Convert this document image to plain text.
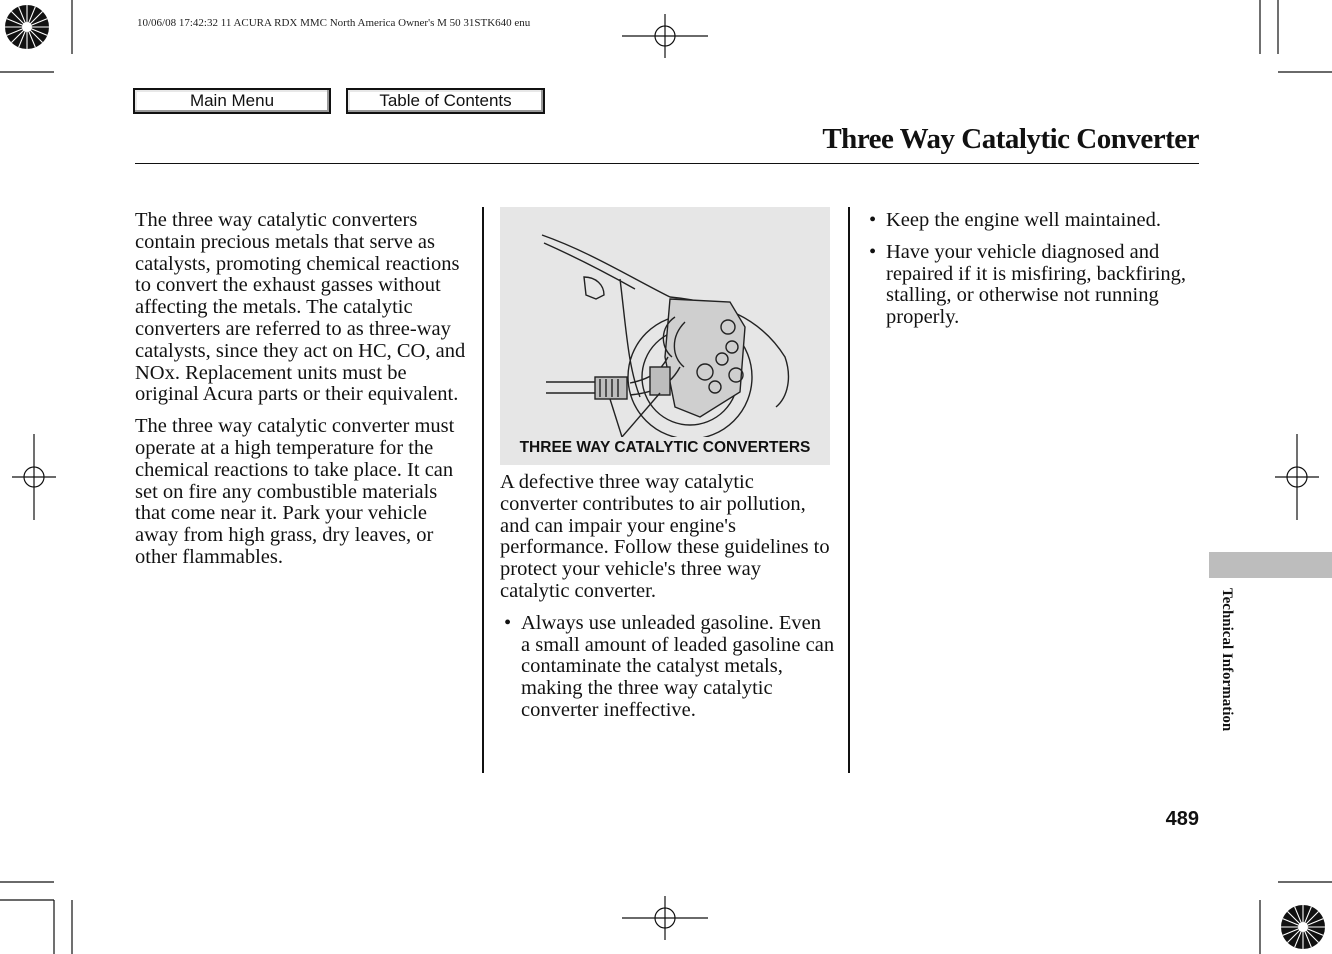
10/06/08 17:42:32 11 ACURA RDX MMC North America Owner's M 50 31STK640 enu
Main Menu	Table of Contents
Three Way Catalytic Converter

The three way catalytic converters contain precious metals that serve as catalysts, promoting chemical reactions to convert the exhaust gasses without affecting the metals. The catalytic converters are referred to as three-way catalysts, since they act on HC, CO, and NOx. Replacement units must be original Acura parts or their equivalent.

The three way catalytic converter must operate at a high temperature for the chemical reactions to take place. It can set on fire any combustible materials that come near it. Park your vehicle away from high grass, dry leaves, or other flammables.

THREE WAY CATALYTIC CONVERTERS

A defective three way catalytic converter contributes to air pollution, and can impair your engine's performance. Follow these guidelines to protect your vehicle's three way catalytic converter.

• Always use unleaded gasoline. Even a small amount of leaded gasoline can contaminate the catalyst metals, making the three way catalytic converter ineffective.
• Keep the engine well maintained.
• Have your vehicle diagnosed and repaired if it is misfiring, backfiring, stalling, or otherwise not running properly.
Technical Information
489
